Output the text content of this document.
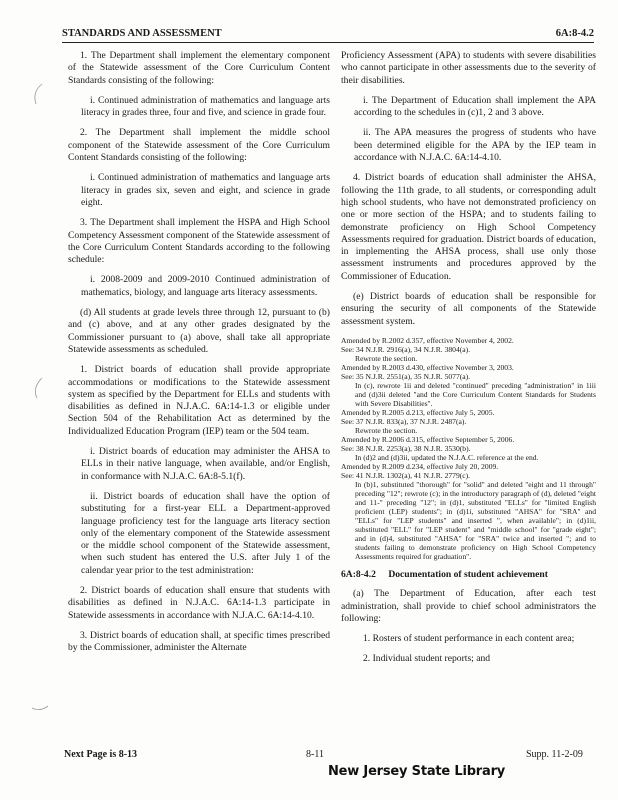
STANDARDS AND ASSESSMENT	6A:8-4.2

1. The Department shall implement the elementary component of the Statewide assessment of the Core Curriculum Content Standards consisting of the following:

i. Continued administration of mathematics and language arts literacy in grades three, four and five, and science in grade four.

2. The Department shall implement the middle school component of the Statewide assessment of the Core Curriculum Content Standards consisting of the following:

i. Continued administration of mathematics and language arts literacy in grades six, seven and eight, and science in grade eight.

3. The Department shall implement the HSPA and High School Competency Assessment component of the Statewide assessment of the Core Curriculum Content Standards according to the following schedule:

i. 2008-2009 and 2009-2010 Continued administration of mathematics, biology, and language arts literacy assessments.

(d) All students at grade levels three through 12, pursuant to (b) and (c) above, and at any other grades designated by the Commissioner pursuant to (a) above, shall take all appropriate Statewide assessments as scheduled.

1. District boards of education shall provide appropriate accommodations or modifications to the Statewide assessment system as specified by the Department for ELLs and students with disabilities as defined in N.J.A.C. 6A:14-1.3 or eligible under Section 504 of the Rehabilitation Act as determined by the Individualized Education Program (IEP) team or the 504 team.

i. District boards of education may administer the AHSA to ELLs in their native language, when available, and/or English, in conformance with N.J.A.C. 6A:8-5.1(f).

ii. District boards of education shall have the option of substituting for a first-year ELL a Department-approved language proficiency test for the language arts literacy section only of the elementary component of the Statewide assessment or the middle school component of the Statewide assessment, when such student has entered the U.S. after July 1 of the calendar year prior to the test administration:

2. District boards of education shall ensure that students with disabilities as defined in N.J.A.C. 6A:14-1.3 participate in Statewide assessments in accordance with N.J.A.C. 6A:14-4.10.

3. District boards of education shall, at specific times prescribed by the Commissioner, administer the Alternate

Proficiency Assessment (APA) to students with severe disabilities who cannot participate in other assessments due to the severity of their disabilities.

i. The Department of Education shall implement the APA according to the schedules in (c)1, 2 and 3 above.

ii. The APA measures the progress of students who have been determined eligible for the APA by the IEP team in accordance with N.J.A.C. 6A:14-4.10.

4. District boards of education shall administer the AHSA, following the 11th grade, to all students, or corresponding adult high school students, who have not demonstrated proficiency on one or more section of the HSPA; and to students failing to demonstrate proficiency on High School Competency Assessments required for graduation. District boards of education, in implementing the AHSA process, shall use only those assessment instruments and procedures approved by the Commissioner of Education.

(e) District boards of education shall be responsible for ensuring the security of all components of the Statewide assessment system.

Amended by R.2002 d.357, effective November 4, 2002.
See: 34 N.J.R. 2916(a), 34 N.J.R. 3804(a).
Rewrote the section.
Amended by R.2003 d.430, effective November 3, 2003.
See: 35 N.J.R. 2551(a), 35 N.J.R. 5077(a).
In (c), rewrote 1ii and deleted "continued" preceding "administration" in 1iii and (d)3ii deleted "and the Core Curriculum Content Standards for Students with Severe Disabilities".
Amended by R.2005 d.213, effective July 5, 2005.
See: 37 N.J.R. 833(a), 37 N.J.R. 2487(a).
Rewrote the section.
Amended by R.2006 d.315, effective September 5, 2006.
See: 38 N.J.R. 2253(a), 38 N.J.R. 3530(b).
In (d)2 and (d)3ii, updated the N.J.A.C. reference at the end.
Amended by R.2009 d.234, effective July 20, 2009.
See: 41 N.J.R. 1302(a), 41 N.J.R. 2779(c).
In (b)1, substituted "thorough" for "solid" and deleted "eight and 11 through" preceding "12"; rewrote (c); in the introductory paragraph of (d), deleted "eight and 11-" preceding "12"; in (d)1, substituted "ELLs" for "limited English proficient (LEP) students"; in (d)1i, substituted "AHSA" for "SRA" and "ELLs" for "LEP students" and inserted ", when available"; in (d)1ii, substituted "ELL" for "LEP student" and "middle school" for "grade eight"; and in (d)4, substituted "AHSA" for "SRA" twice and inserted "; and to students failing to demonstrate proficiency on High School Competency Assessments required for graduation".
6A:8-4.2 Documentation of student achievement

(a) The Department of Education, after each test administration, shall provide to chief school administrators the following:

1. Rosters of student performance in each content area;

2. Individual student reports; and

Next Page is 8-13	8-11	Supp. 11-2-09
New Jersey State Library
